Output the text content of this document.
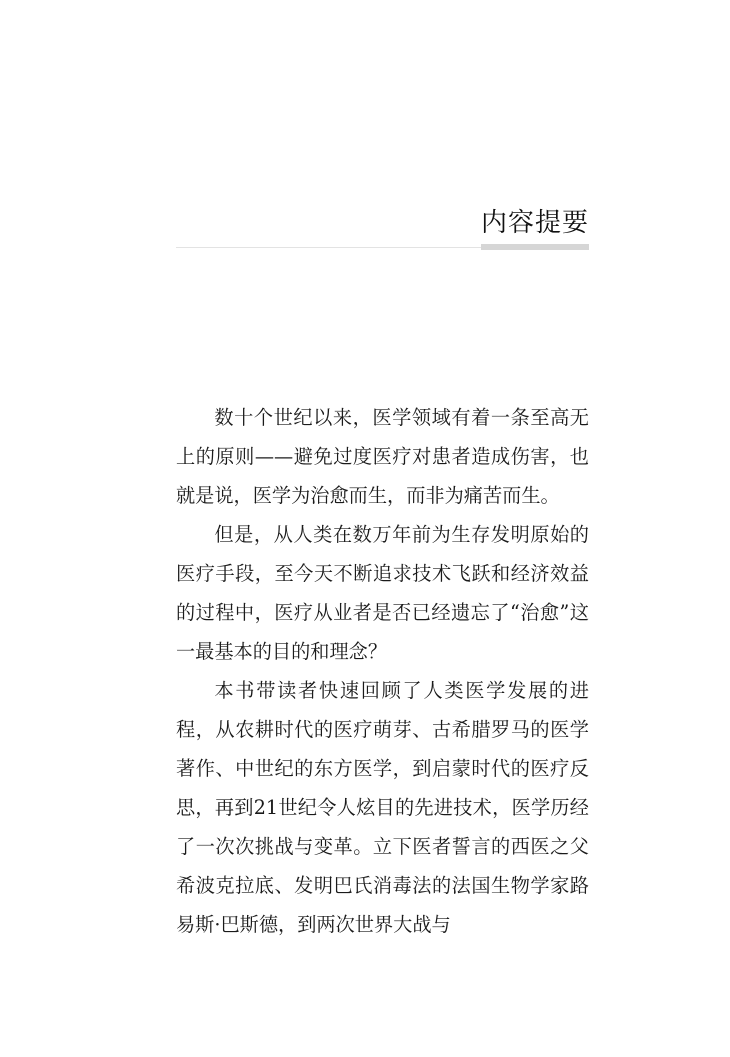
内容提要

数十个世纪以来，医学领域有着一条至高无上的原则——避免过度医疗对患者造成伤害，也就是说，医学为治愈而生，而非为痛苦而生。

但是，从人类在数万年前为生存发明原始的医疗手段，至今天不断追求技术飞跃和经济效益的过程中，医疗从业者是否已经遗忘了“治愈”这一最基本的目的和理念？

本书带读者快速回顾了人类医学发展的进程，从农耕时代的医疗萌芽、古希腊罗马的医学著作、中世纪的东方医学，到启蒙时代的医疗反思，再到21世纪令人炫目的先进技术，医学历经了一次次挑战与变革。立下医者誓言的西医之父希波克拉底、发明巴氏消毒法的法国生物学家路易斯·巴斯德，到两次世界大战与
